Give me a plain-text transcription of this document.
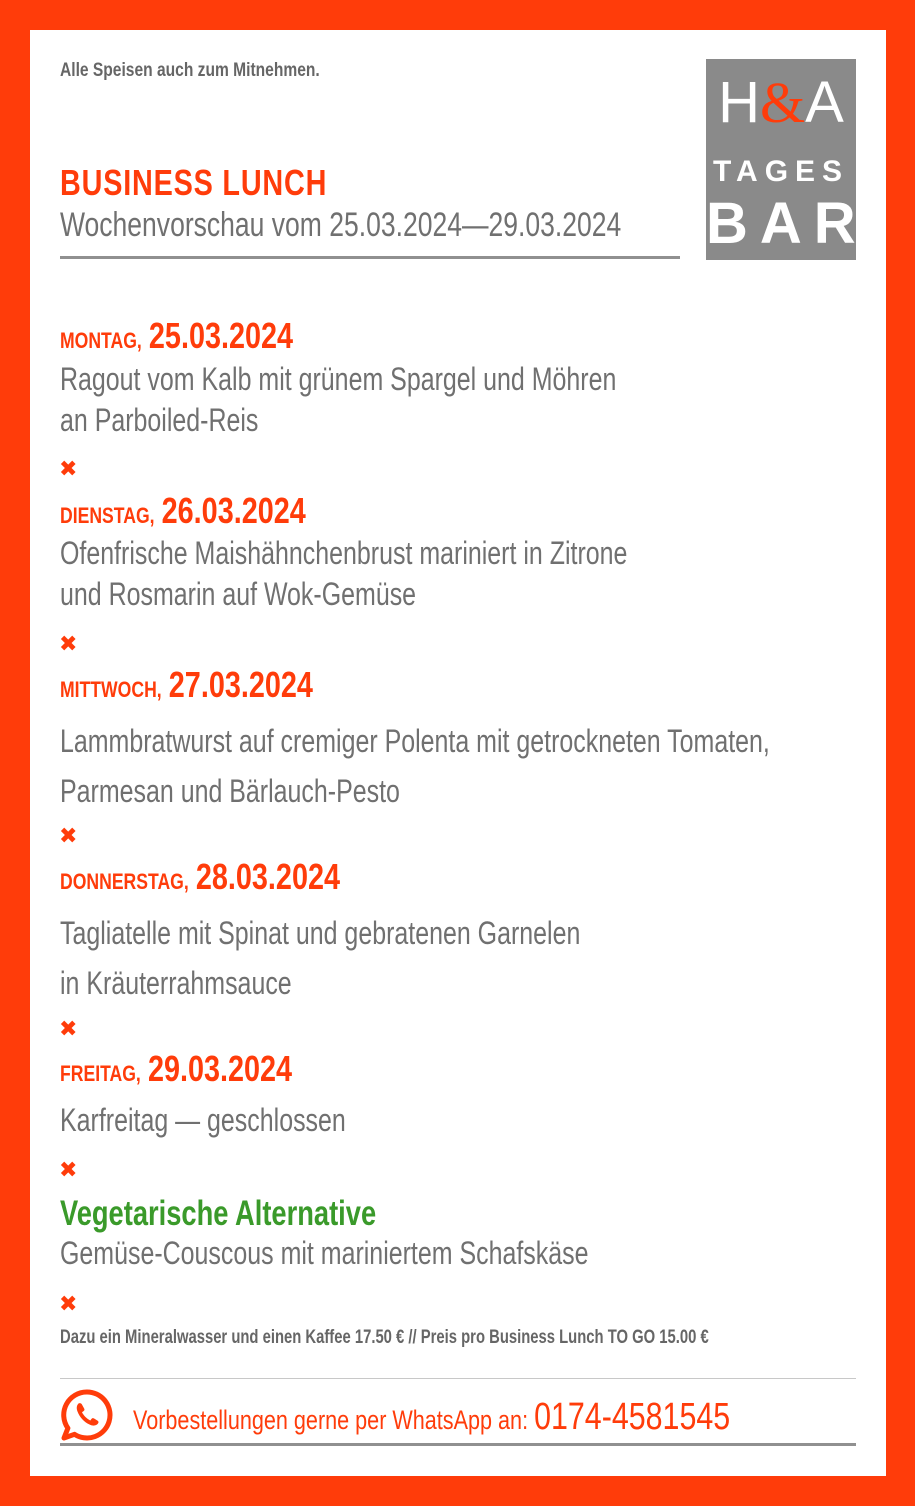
Alle Speisen auch zum Mitnehmen.
BUSINESS LUNCH
Wochenvorschau vom 25.03.2024—29.03.2024
H&A
TAGES
BAR
MONTAG, 25.03.2024
Ragout vom Kalb mit grünem Spargel und Möhren
an Parboiled-Reis
✖
DIENSTAG, 26.03.2024
Ofenfrische Maishähnchenbrust mariniert in Zitrone
und Rosmarin auf Wok-Gemüse
✖
MITTWOCH, 27.03.2024
Lammbratwurst auf cremiger Polenta mit getrockneten Tomaten,
Parmesan und Bärlauch-Pesto
✖
DONNERSTAG, 28.03.2024
Tagliatelle mit Spinat und gebratenen Garnelen
in Kräuterrahmsauce
✖
FREITAG, 29.03.2024
Karfreitag — geschlossen
✖
Vegetarische Alternative
Gemüse-Couscous mit mariniertem Schafskäse
✖
Dazu ein Mineralwasser und einen Kaffee 17.50 € // Preis pro Business Lunch TO GO 15.00 €
Vorbestellungen gerne per WhatsApp an: 0174-4581545
